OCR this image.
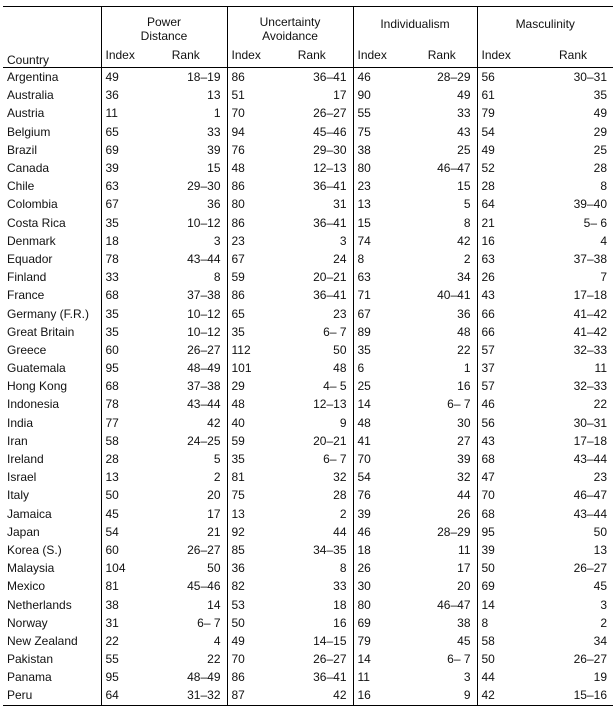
Country	Power
Distance		Uncertainty
Avoidance		Individualism		Masculinity	
	Index	Rank	Index	Rank	Index	Rank	Index	Rank
Argentina	49	18–19	86	36–41	46	28–29	56	30–31
Australia	36	13	51	17	90	49	61	35
Austria	11	1	70	26–27	55	33	79	49
Belgium	65	33	94	45–46	75	43	54	29
Brazil	69	39	76	29–30	38	25	49	25
Canada	39	15	48	12–13	80	46–47	52	28
Chile	63	29–30	86	36–41	23	15	28	8
Colombia	67	36	80	31	13	5	64	39–40
Costa Rica	35	10–12	86	36–41	15	8	21	5– 6
Denmark	18	3	23	3	74	42	16	4
Equador	78	43–44	67	24	8	2	63	37–38
Finland	33	8	59	20–21	63	34	26	7
France	68	37–38	86	36–41	71	40–41	43	17–18
Germany (F.R.)	35	10–12	65	23	67	36	66	41–42
Great Britain	35	10–12	35	6– 7	89	48	66	41–42
Greece	60	26–27	112	50	35	22	57	32–33
Guatemala	95	48–49	101	48	6	1	37	11
Hong Kong	68	37–38	29	4– 5	25	16	57	32–33
Indonesia	78	43–44	48	12–13	14	6– 7	46	22
India	77	42	40	9	48	30	56	30–31
Iran	58	24–25	59	20–21	41	27	43	17–18
Ireland	28	5	35	6– 7	70	39	68	43–44
Israel	13	2	81	32	54	32	47	23
Italy	50	20	75	28	76	44	70	46–47
Jamaica	45	17	13	2	39	26	68	43–44
Japan	54	21	92	44	46	28–29	95	50
Korea (S.)	60	26–27	85	34–35	18	11	39	13
Malaysia	104	50	36	8	26	17	50	26–27
Mexico	81	45–46	82	33	30	20	69	45
Netherlands	38	14	53	18	80	46–47	14	3
Norway	31	6– 7	50	16	69	38	8	2
New Zealand	22	4	49	14–15	79	45	58	34
Pakistan	55	22	70	26–27	14	6– 7	50	26–27
Panama	95	48–49	86	36–41	11	3	44	19
Peru	64	31–32	87	42	16	9	42	15–16
